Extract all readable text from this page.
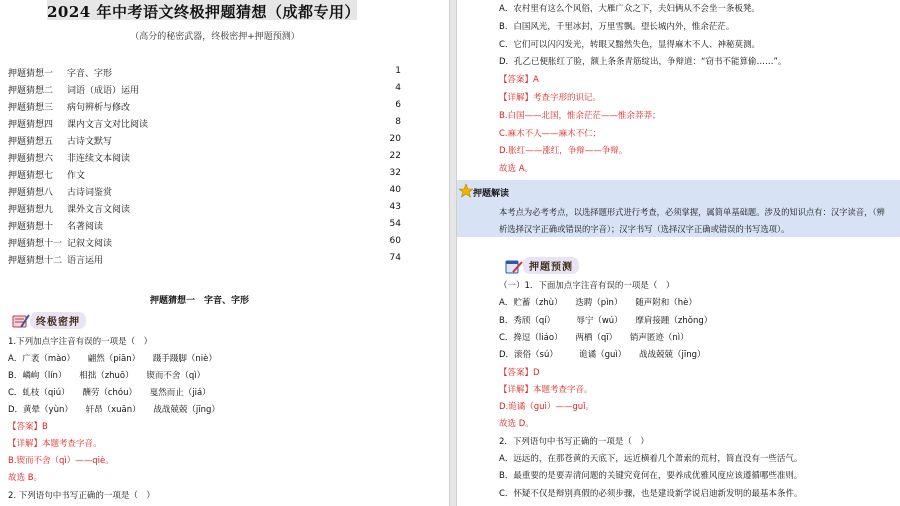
2024 年中考语文终极押题猜想（成都专用）
（高分的秘密武器，终极密押+押题预测）
押题猜想一 字音、字形	1
押题猜想二 词语（成语）运用	4
押题猜想三 病句辨析与修改	6
押题猜想四 课内文言文对比阅读	8
押题猜想五 古诗文默写	20
押题猜想六 非连续文本阅读	22
押题猜想七 作文	32
押题猜想八 古诗词鉴赏	40
押题猜想九 课外文言文阅读	43
押题猜想十 名著阅读	54
押题猜想十一 记叙文阅读	60
押题猜想十二 语言运用	74
押题猜想一　字音、字形
终极密押
1.下列加点字注音有误的一项是（　）
A．广袤（mào）　　翩然（piān）　　蹑手蹑脚（niè）
B．嶙峋（lín）　　相拙（zhuō）　　锲而不舍（qì）
C．虬枝（qiú）　　酬劳（chóu）　　戛然而止（jiá）
D．黄晕（yùn）　　轩昂（xuān）　　战战兢兢（jīng）
【答案】B
【详解】本题考查字音。
B.锲而不舍（qì）——qiè。
故选 B。
2. 下列语句中书写正确的一项是（　）
A．农村里有这么个风俗，大雁广众之下，夫妇俩从不会坐一条板凳。
B．白国风光，千里冰封，万里雪飘。望长城内外，惟余茫茫。
C．它们可以闪闪发光，转眼又黯然失色，显得麻木不人、神秘莫测。
D．孔乙已便胀红了脸，额上条条青筋绽出，争辩道：“窃书不能算偷……”。
【答案】A
【详解】考查字形的识记。
B.白国——北国，惟余茫茫——惟余莽莽；
C.麻木不人——麻木不仁；
D.胀红——涨红，争辩——争辩。
故选 A。
押题解读
本考点为必考考点，以选择题形式进行考查，必须掌握，属简单基础题。涉及的知识点有：汉字读音，（辨
析选择汉字正确或错误的字音）；汉字书写（选择汉字正确或错误的书写选项）。
押题预测
（一）1．下面加点字注音有误的一项是（　）
A．贮蓄（zhù）　　迭聘（pìn）　　随声附和（hè）
B．秀颀（qí）　　　辱宁（wú）　　摩肩接踵（zhǒng）
C．搀逗（liáo）　　两栖（qī）　　销声匿迹（nì）
D．滚俗（sú）　　　诡谲（guì）　　战战兢兢（jīng）
【答案】D
【详解】本题考查字音。
D.诡谲（guì）——guǐ。
故选 D。
2．下列语句中书写正确的一项是（　）
A．远远的，在那苍黄的天底下，远近横着几个萧索的荒村，简直没有一些活气。
B．最重要的是要弄清问题的关键究竟何在，要养成优雅风度应该遵循哪些准则。
C．怀疑不仅是辩别真假的必须步骤，也是建设新学说启迪新发明的最基本条件。
